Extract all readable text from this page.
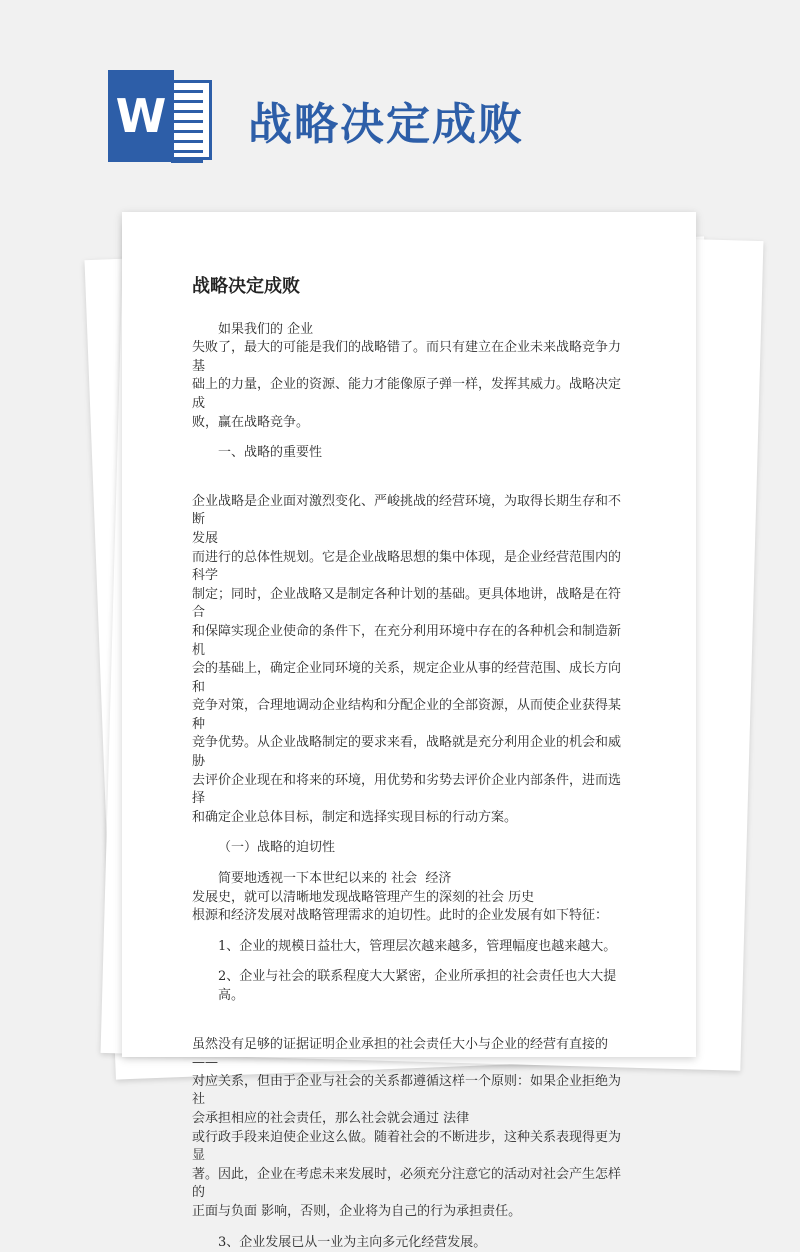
W 战略决定成败
战略决定成败
如果我们的 企业
失败了，最大的可能是我们的战略错了。而只有建立在企业未来战略竞争力基
础上的力量，企业的资源、能力才能像原子弹一样，发挥其威力。战略决定成
败，赢在战略竞争。
一、战略的重要性
企业战略是企业面对激烈变化、严峻挑战的经营环境，为取得长期生存和不断
发展
而进行的总体性规划。它是企业战略思想的集中体现，是企业经营范围内的
科学
制定；同时，企业战略又是制定各种计划的基础。更具体地讲，战略是在符合
和保障实现企业使命的条件下，在充分利用环境中存在的各种机会和制造新机
会的基础上，确定企业同环境的关系，规定企业从事的经营范围、成长方向和
竞争对策，合理地调动企业结构和分配企业的全部资源，从而使企业获得某种
竞争优势。从企业战略制定的要求来看，战略就是充分利用企业的机会和威胁
去评价企业现在和将来的环境，用优势和劣势去评价企业内部条件，进而选择
和确定企业总体目标，制定和选择实现目标的行动方案。
（一）战略的迫切性
简要地透视一下本世纪以来的 社会  经济
发展史，就可以清晰地发现战略管理产生的深刻的社会 历史
根源和经济发展对战略管理需求的迫切性。此时的企业发展有如下特征：
1、企业的规模日益壮大，管理层次越来越多，管理幅度也越来越大。
2、企业与社会的联系程度大大紧密，企业所承担的社会责任也大大提高。
虽然没有足够的证据证明企业承担的社会责任大小与企业的经营有直接的——
对应关系，但由于企业与社会的关系都遵循这样一个原则：如果企业拒绝为社
会承担相应的社会责任，那么社会就会通过 法律
或行政手段来迫使企业这么做。随着社会的不断进步，这种关系表现得更为显
著。因此，企业在考虑未来发展时，必须充分注意它的活动对社会产生怎样的
正面与负面 影响，否则，企业将为自己的行为承担责任。
3、企业发展已从一业为主向多元化经营发展。
